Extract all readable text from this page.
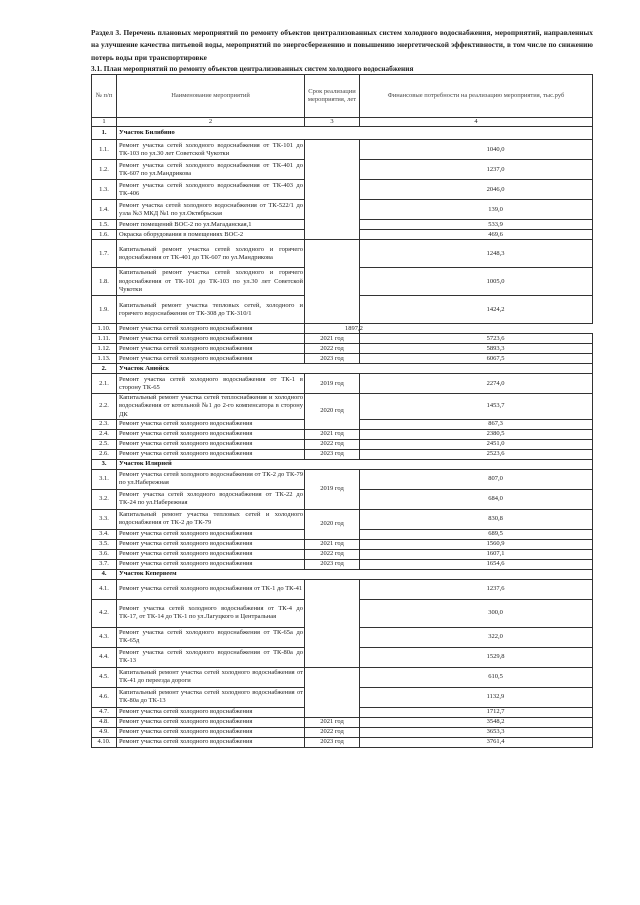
Раздел 3. Перечень плановых мероприятий по ремонту объектов централизованных систем холодного водоснабжения, мероприятий, направленных на улучшение качества питьевой воды, мероприятий по энергосбережению и повышению энергетической эффективности, в том числе по снижению потерь воды при транспортировке
3.1. План мероприятий по ремонту объектов централизованных систем холодного водоснабжения
№ п/п	Наименование мероприятий	Срок реализации мероприятия, лет	Финансовые потребности на реализацию мероприятия, тыс.руб
1	2	3	4
1.	Участок Билибино		
1.1.	Ремонт участка сетей холодного водоснабжения от ТК-101 до ТК-103 по ул.30 лет Советской Чукотки		1040,0
1.2.	Ремонт участка сетей холодного водоснабжения от ТК-401 до ТК-607 по ул.Мандрикова		1237,0
1.3.	Ремонт участка сетей холодного водоснабжения от ТК-403 до ТК-406		2046,0
1.4.	Ремонт участка сетей холодного водоснабжения от ТК-522/1 до узла №3 МКД №1 по ул.Октябрьская		139,0
1.5.	Ремонт помещений ВОС-2 по ул.Магаданская,1		533,9
1.6.	Окраска оборудования в помещениях ВОС-2		469,6
1.7.	Капитальный ремонт участка сетей холодного и горячего водоснабжения от ТК-401 до ТК-607 по ул.Мандрикова		1248,3
1.8.	Капитальный ремонт участка сетей холодного и горячего водоснабжения от ТК-101 до ТК-103 по ул.30 лет Советской Чукотки		1005,0
1.9.	Капитальный ремонт участка тепловых сетей, холодного и горячего водоснабжения от ТК-308 до ТК-310/1		1424,2
1.10.	Ремонт участка сетей холодного водоснабжения	1897,2	
1.11.	Ремонт участка сетей холодного водоснабжения	2021 год	5723,6
1.12.	Ремонт участка сетей холодного водоснабжения	2022 год	5893,3
1.13.	Ремонт участка сетей холодного водоснабжения	2023 год	6067,5
2.	Участок Анюйск		
2.1.	Ремонт участка сетей холодного водоснабжения от ТК-1 в сторону ТК-65	2019 год	2274,0
2.2.	Капитальный ремонт участка сетей теплоснабжения и холодного водоснабжения от котельной №1 до 2-го компенсатора в сторону ДК	2020 год	1453,7
2.3.	Ремонт участка сетей холодного водоснабжения		867,3
2.4.	Ремонт участка сетей холодного водоснабжения	2021 год	2380,5
2.5.	Ремонт участка сетей холодного водоснабжения	2022 год	2451,0
2.6.	Ремонт участка сетей холодного водоснабжения	2023 год	2523,6
3.	Участок Илирней		
3.1.	Ремонт участка сетей холодного водоснабжения от ТК-2 до ТК-79 по ул.Набережная	2019 год	807,0
3.2.	Ремонт участка сетей холодного водоснабжения от ТК-22 до ТК-24 по ул.Набережная		684,0
3.3.	Капитальный ремонт участка тепловых сетей и холодного водоснабжения от ТК-2 до ТК-79	2020 год	830,8
3.4.	Ремонт участка сетей холодного водоснабжения		689,5
3.5.	Ремонт участка сетей холодного водоснабжения	2021 год	1560,9
3.6.	Ремонт участка сетей холодного водоснабжения	2022 год	1607,1
3.7.	Ремонт участка сетей холодного водоснабжения	2023 год	1654,6
4.	Участок Кепервеем		
4.1.	Ремонт участка сетей холодного водоснабжения от ТК-1 до ТК-41		1237,6
4.2.	Ремонт участка сетей холодного водоснабжения от ТК-4 до ТК-17, от ТК-14 до ТК-1 по ул.Лагуцкого и Центральная		300,0
4.3.	Ремонт участка сетей холодного водоснабжения от ТК-65а до ТК-65д		322,0
4.4.	Ремонт участка сетей холодного водоснабжения от ТК-80а до ТК-13		1529,8
4.5.	Капитальный ремонт участка сетей холодного водоснабжения от ТК-41 до переезда дороги		610,5
4.6.	Капитальный ремонт участка сетей холодного водоснабжения от ТК-80а до ТК-13		1132,9
4.7.	Ремонт участка сетей холодного водоснабжения		1712,7
4.8.	Ремонт участка сетей холодного водоснабжения	2021 год	3548,2
4.9.	Ремонт участка сетей холодного водоснабжения	2022 год	3653,3
4.10.	Ремонт участка сетей холодного водоснабжения	2023 год	3761,4
